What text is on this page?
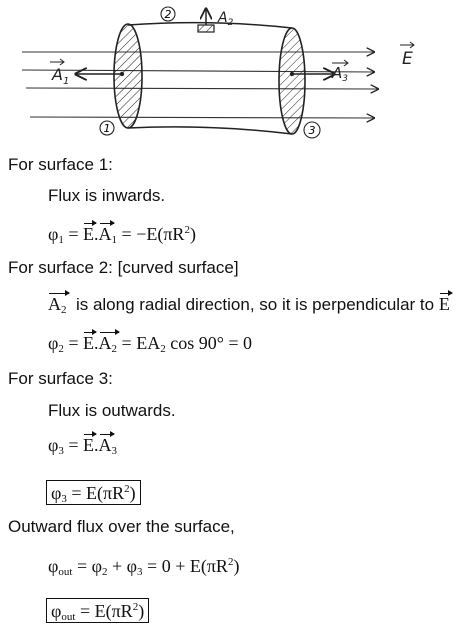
2
1	3
$A_1$
$A_2$
$A_3$
E
For surface 1:
Flux is inwards.
$\varphi_1 = E.A_1 = -E(\pi R^2)$
For surface 2: [curved surface]
$A_2$ is along radial direction, so it is perpendicular to E
$\varphi_2 = E.A_2 = EA_2$ cos 90° = 0
For surface 3:
Flux is outwards.
$\varphi_3 = E.A_3$
$\varphi_3 = E(\pi R^2)$
Outward flux over the surface,
$\varphi_{out} = \varphi_2 + \varphi_3 = 0 + E(\pi R^2)$
$\varphi_{out} = E(\pi R^2)$
